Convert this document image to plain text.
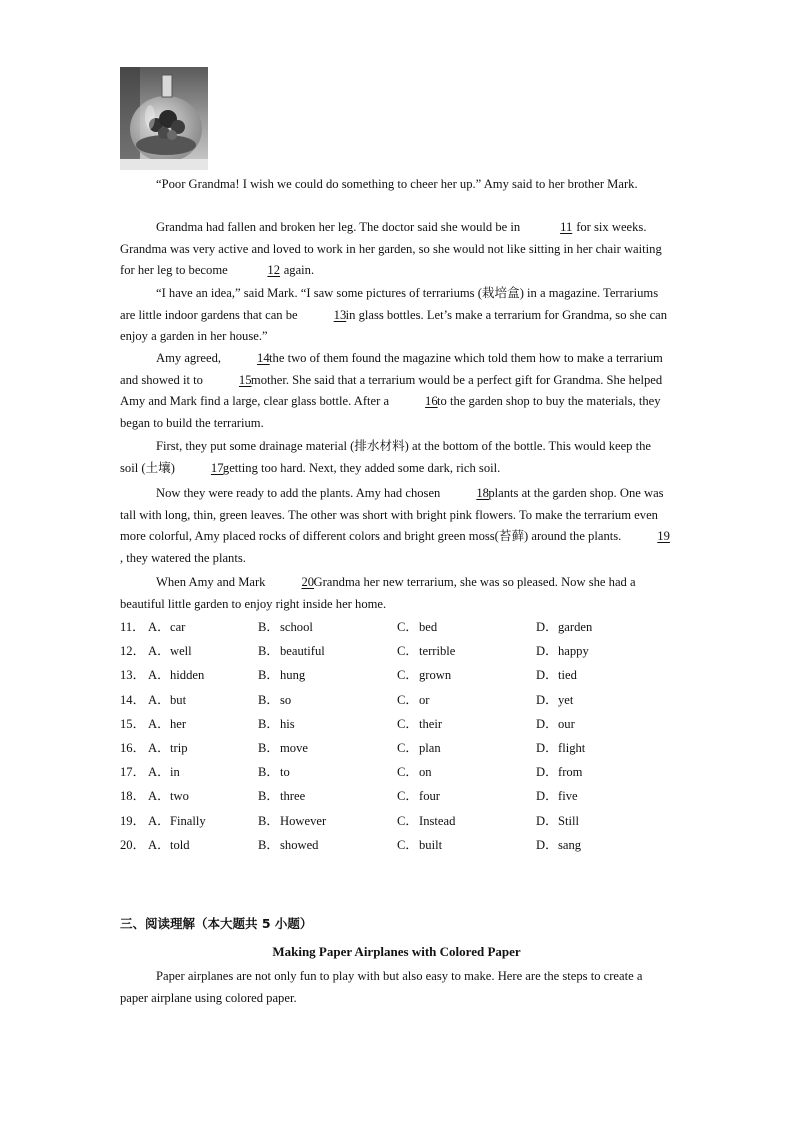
“Poor Grandma! I wish we could do something to cheer her up.” Amy said to her brother Mark.

Grandma had fallen and broken her leg. The doctor said she would be in	11 for six weeks. Grandma was very active and loved to work in her garden, so she would not like sitting in her chair waiting for her leg to become	12 again.

“I have an idea,” said Mark. “I saw some pictures of terrariums (栽培盒) in a magazine. Terrariums are little indoor gardens that can be	13in glass bottles. Let’s make a terrarium for Grandma, so she can enjoy a garden in her house.”

Amy agreed,	14the two of them found the magazine which told them how to make a terrarium and showed it to	15mother. She said that a terrarium would be a perfect gift for Grandma. She helped Amy and Mark find a large, clear glass bottle. After a	16to the garden shop to buy the materials, they began to build the terrarium.

First, they put some drainage material (排水材料) at the bottom of the bottle. This would keep the soil (土壤)	17getting too hard. Next, they added some dark, rich soil.

Now they were ready to add the plants. Amy had chosen	18plants at the garden shop. One was tall with long, thin, green leaves. The other was short with bright pink flowers. To make the terrarium even more colorful, Amy placed rocks of different colors and bright green moss(苔藓) around the plants.	19, they watered the plants.

When Amy and Mark	20Grandma her new terrarium, she was so pleased. Now she had a beautiful little garden to enjoy right inside her home.

11． A．car	B．school	C．bed	D．garden
12． A．well	B．beautiful	C．terrible	D．happy
13． A．hidden	B．hung	C．grown	D．tied
14． A．but	B．so	C．or	D．yet
15． A．her	B．his	C．their	D．our
16． A．trip	B．move	C．plan	D．flight
17． A．in	B．to	C．on	D．from
18． A．two	B．three	C．four	D．five
19． A．Finally	B．However	C．Instead	D．Still
20． A．told	B．showed	C．built	D．sang
三、阅读理解（本大题共 5 小题）
Making Paper Airplanes with Colored Paper

Paper airplanes are not only fun to play with but also easy to make. Here are the steps to create a paper airplane using colored paper.
